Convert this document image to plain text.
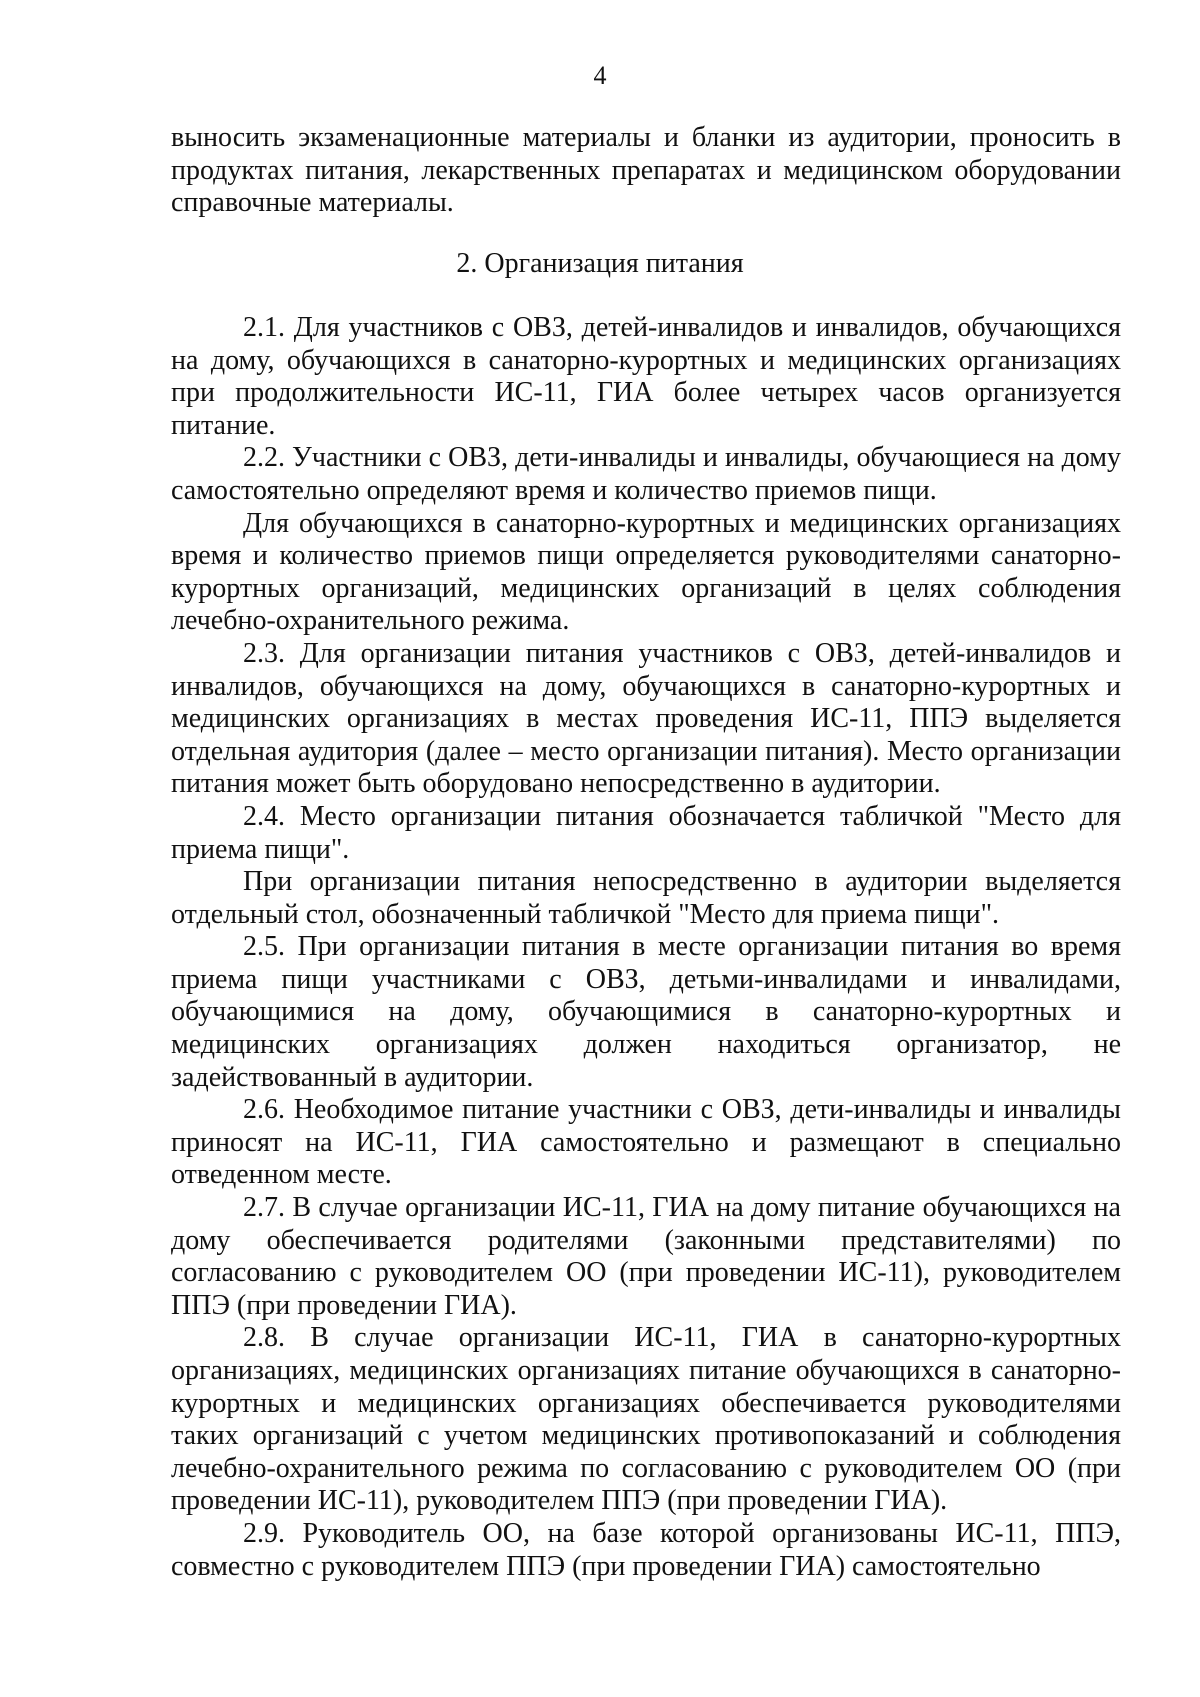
4

выносить экзаменационные материалы и бланки из аудитории, проносить в продуктах питания, лекарственных препаратах и медицинском оборудовании справочные материалы.

2. Организация питания

2.1. Для участников с ОВЗ, детей-инвалидов и инвалидов, обучающихся на дому, обучающихся в санаторно-курортных и медицинских организациях при продолжительности ИС-11, ГИА более четырех часов организуется питание.

2.2. Участники с ОВЗ, дети-инвалиды и инвалиды, обучающиеся на дому самостоятельно определяют время и количество приемов пищи.

Для обучающихся в санаторно-курортных и медицинских организациях время и количество приемов пищи определяется руководителями санаторно-курортных организаций, медицинских организаций в целях соблюдения лечебно-охранительного режима.

2.3. Для организации питания участников с ОВЗ, детей-инвалидов и инвалидов, обучающихся на дому, обучающихся в санаторно-курортных и медицинских организациях в местах проведения ИС-11, ППЭ выделяется отдельная аудитория (далее – место организации питания). Место организации питания может быть оборудовано непосредственно в аудитории.

2.4. Место организации питания обозначается табличкой "Место для приема пищи".

При организации питания непосредственно в аудитории выделяется отдельный стол, обозначенный табличкой "Место для приема пищи".

2.5. При организации питания в месте организации питания во время приема пищи участниками с ОВЗ, детьми-инвалидами и инвалидами, обучающимися на дому, обучающимися в санаторно-курортных и медицинских организациях должен находиться организатор, не задействованный в аудитории.

2.6. Необходимое питание участники с ОВЗ, дети-инвалиды и инвалиды приносят на ИС-11, ГИА самостоятельно и размещают в специально отведенном месте.

2.7. В случае организации ИС-11, ГИА на дому питание обучающихся на дому обеспечивается родителями (законными представителями) по согласованию с руководителем ОО (при проведении ИС-11), руководителем ППЭ (при проведении ГИА).

2.8. В случае организации ИС-11, ГИА в санаторно-курортных организациях, медицинских организациях питание обучающихся в санаторно-курортных и медицинских организациях обеспечивается руководителями таких организаций с учетом медицинских противопоказаний и соблюдения лечебно-охранительного режима по согласованию с руководителем ОО (при проведении ИС-11), руководителем ППЭ (при проведении ГИА).

2.9. Руководитель ОО, на базе которой организованы ИС-11, ППЭ, совместно с руководителем ППЭ (при проведении ГИА) самостоятельно
